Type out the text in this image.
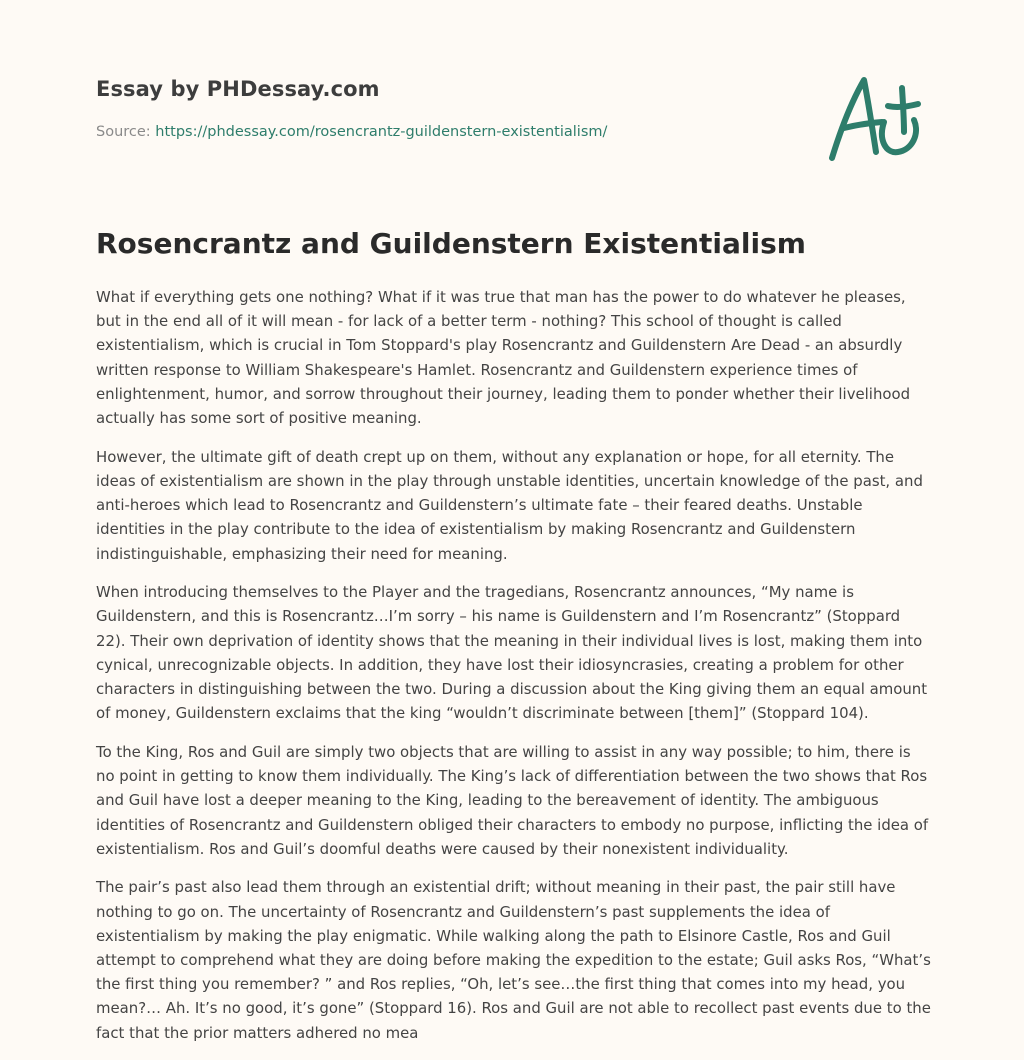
Essay by PHDessay.com
Source: https://phdessay.com/rosencrantz-guildenstern-existentialism/
Rosencrantz and Guildenstern Existentialism

What if everything gets one nothing? What if it was true that man has the power to do whatever he pleases, but in the end all of it will mean - for lack of a better term - nothing? This school of thought is called existentialism, which is crucial in Tom Stoppard's play Rosencrantz and Guildenstern Are Dead - an absurdly written response to William Shakespeare's Hamlet. Rosencrantz and Guildenstern experience times of enlightenment, humor, and sorrow throughout their journey, leading them to ponder whether their livelihood actually has some sort of positive meaning.

However, the ultimate gift of death crept up on them, without any explanation or hope, for all eternity. The ideas of existentialism are shown in the play through unstable identities, uncertain knowledge of the past, and anti-heroes which lead to Rosencrantz and Guildenstern’s ultimate fate – their feared deaths. Unstable identities in the play contribute to the idea of existentialism by making Rosencrantz and Guildenstern indistinguishable, emphasizing their need for meaning.

When introducing themselves to the Player and the tragedians, Rosencrantz announces, “My name is Guildenstern, and this is Rosencrantz…I’m sorry – his name is Guildenstern and I’m Rosencrantz” (Stoppard 22). Their own deprivation of identity shows that the meaning in their individual lives is lost, making them into cynical, unrecognizable objects. In addition, they have lost their idiosyncrasies, creating a problem for other characters in distinguishing between the two. During a discussion about the King giving them an equal amount of money, Guildenstern exclaims that the king “wouldn’t discriminate between [them]” (Stoppard 104).

To the King, Ros and Guil are simply two objects that are willing to assist in any way possible; to him, there is no point in getting to know them individually. The King’s lack of differentiation between the two shows that Ros and Guil have lost a deeper meaning to the King, leading to the bereavement of identity. The ambiguous identities of Rosencrantz and Guildenstern obliged their characters to embody no purpose, inflicting the idea of existentialism. Ros and Guil’s doomful deaths were caused by their nonexistent individuality.

The pair’s past also lead them through an existential drift; without meaning in their past, the pair still have nothing to go on. The uncertainty of Rosencrantz and Guildenstern’s past supplements the idea of existentialism by making the play enigmatic. While walking along the path to Elsinore Castle, Ros and Guil attempt to comprehend what they are doing before making the expedition to the estate; Guil asks Ros, “What’s the first thing you remember? ” and Ros replies, “Oh, let’s see…the first thing that comes into my head, you mean?… Ah. It’s no good, it’s gone” (Stoppard 16). Ros and Guil are not able to recollect past events due to the fact that the prior matters adhered no mea
